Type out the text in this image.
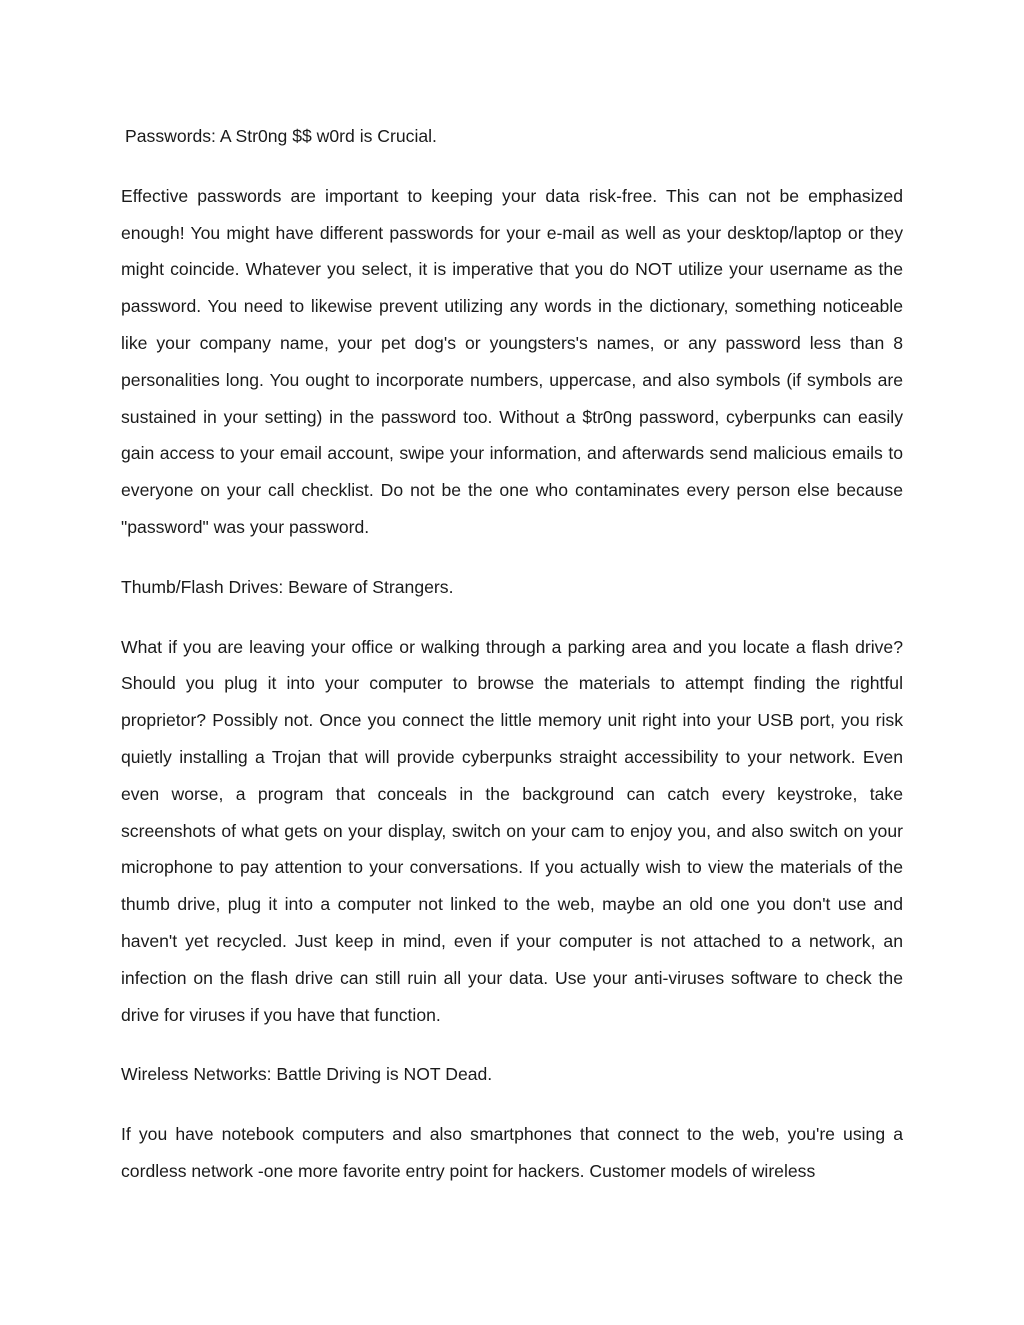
Passwords: A Str0ng $$ w0rd is Crucial.

Effective passwords are important to keeping your data risk-free. This can not be emphasized enough! You might have different passwords for your e-mail as well as your desktop/laptop or they might coincide. Whatever you select, it is imperative that you do NOT utilize your username as the password. You need to likewise prevent utilizing any words in the dictionary, something noticeable like your company name, your pet dog's or youngsters's names, or any password less than 8 personalities long. You ought to incorporate numbers, uppercase, and also symbols (if symbols are sustained in your setting) in the password too. Without a $tr0ng password, cyberpunks can easily gain access to your email account, swipe your information, and afterwards send malicious emails to everyone on your call checklist. Do not be the one who contaminates every person else because "password" was your password.

Thumb/Flash Drives: Beware of Strangers.

What if you are leaving your office or walking through a parking area and you locate a flash drive? Should you plug it into your computer to browse the materials to attempt finding the rightful proprietor? Possibly not. Once you connect the little memory unit right into your USB port, you risk quietly installing a Trojan that will provide cyberpunks straight accessibility to your network. Even even worse, a program that conceals in the background can catch every keystroke, take screenshots of what gets on your display, switch on your cam to enjoy you, and also switch on your microphone to pay attention to your conversations. If you actually wish to view the materials of the thumb drive, plug it into a computer not linked to the web, maybe an old one you don't use and haven't yet recycled. Just keep in mind, even if your computer is not attached to a network, an infection on the flash drive can still ruin all your data. Use your anti-viruses software to check the drive for viruses if you have that function.

Wireless Networks: Battle Driving is NOT Dead.

If you have notebook computers and also smartphones that connect to the web, you're using a cordless network -one more favorite entry point for hackers. Customer models of wireless
